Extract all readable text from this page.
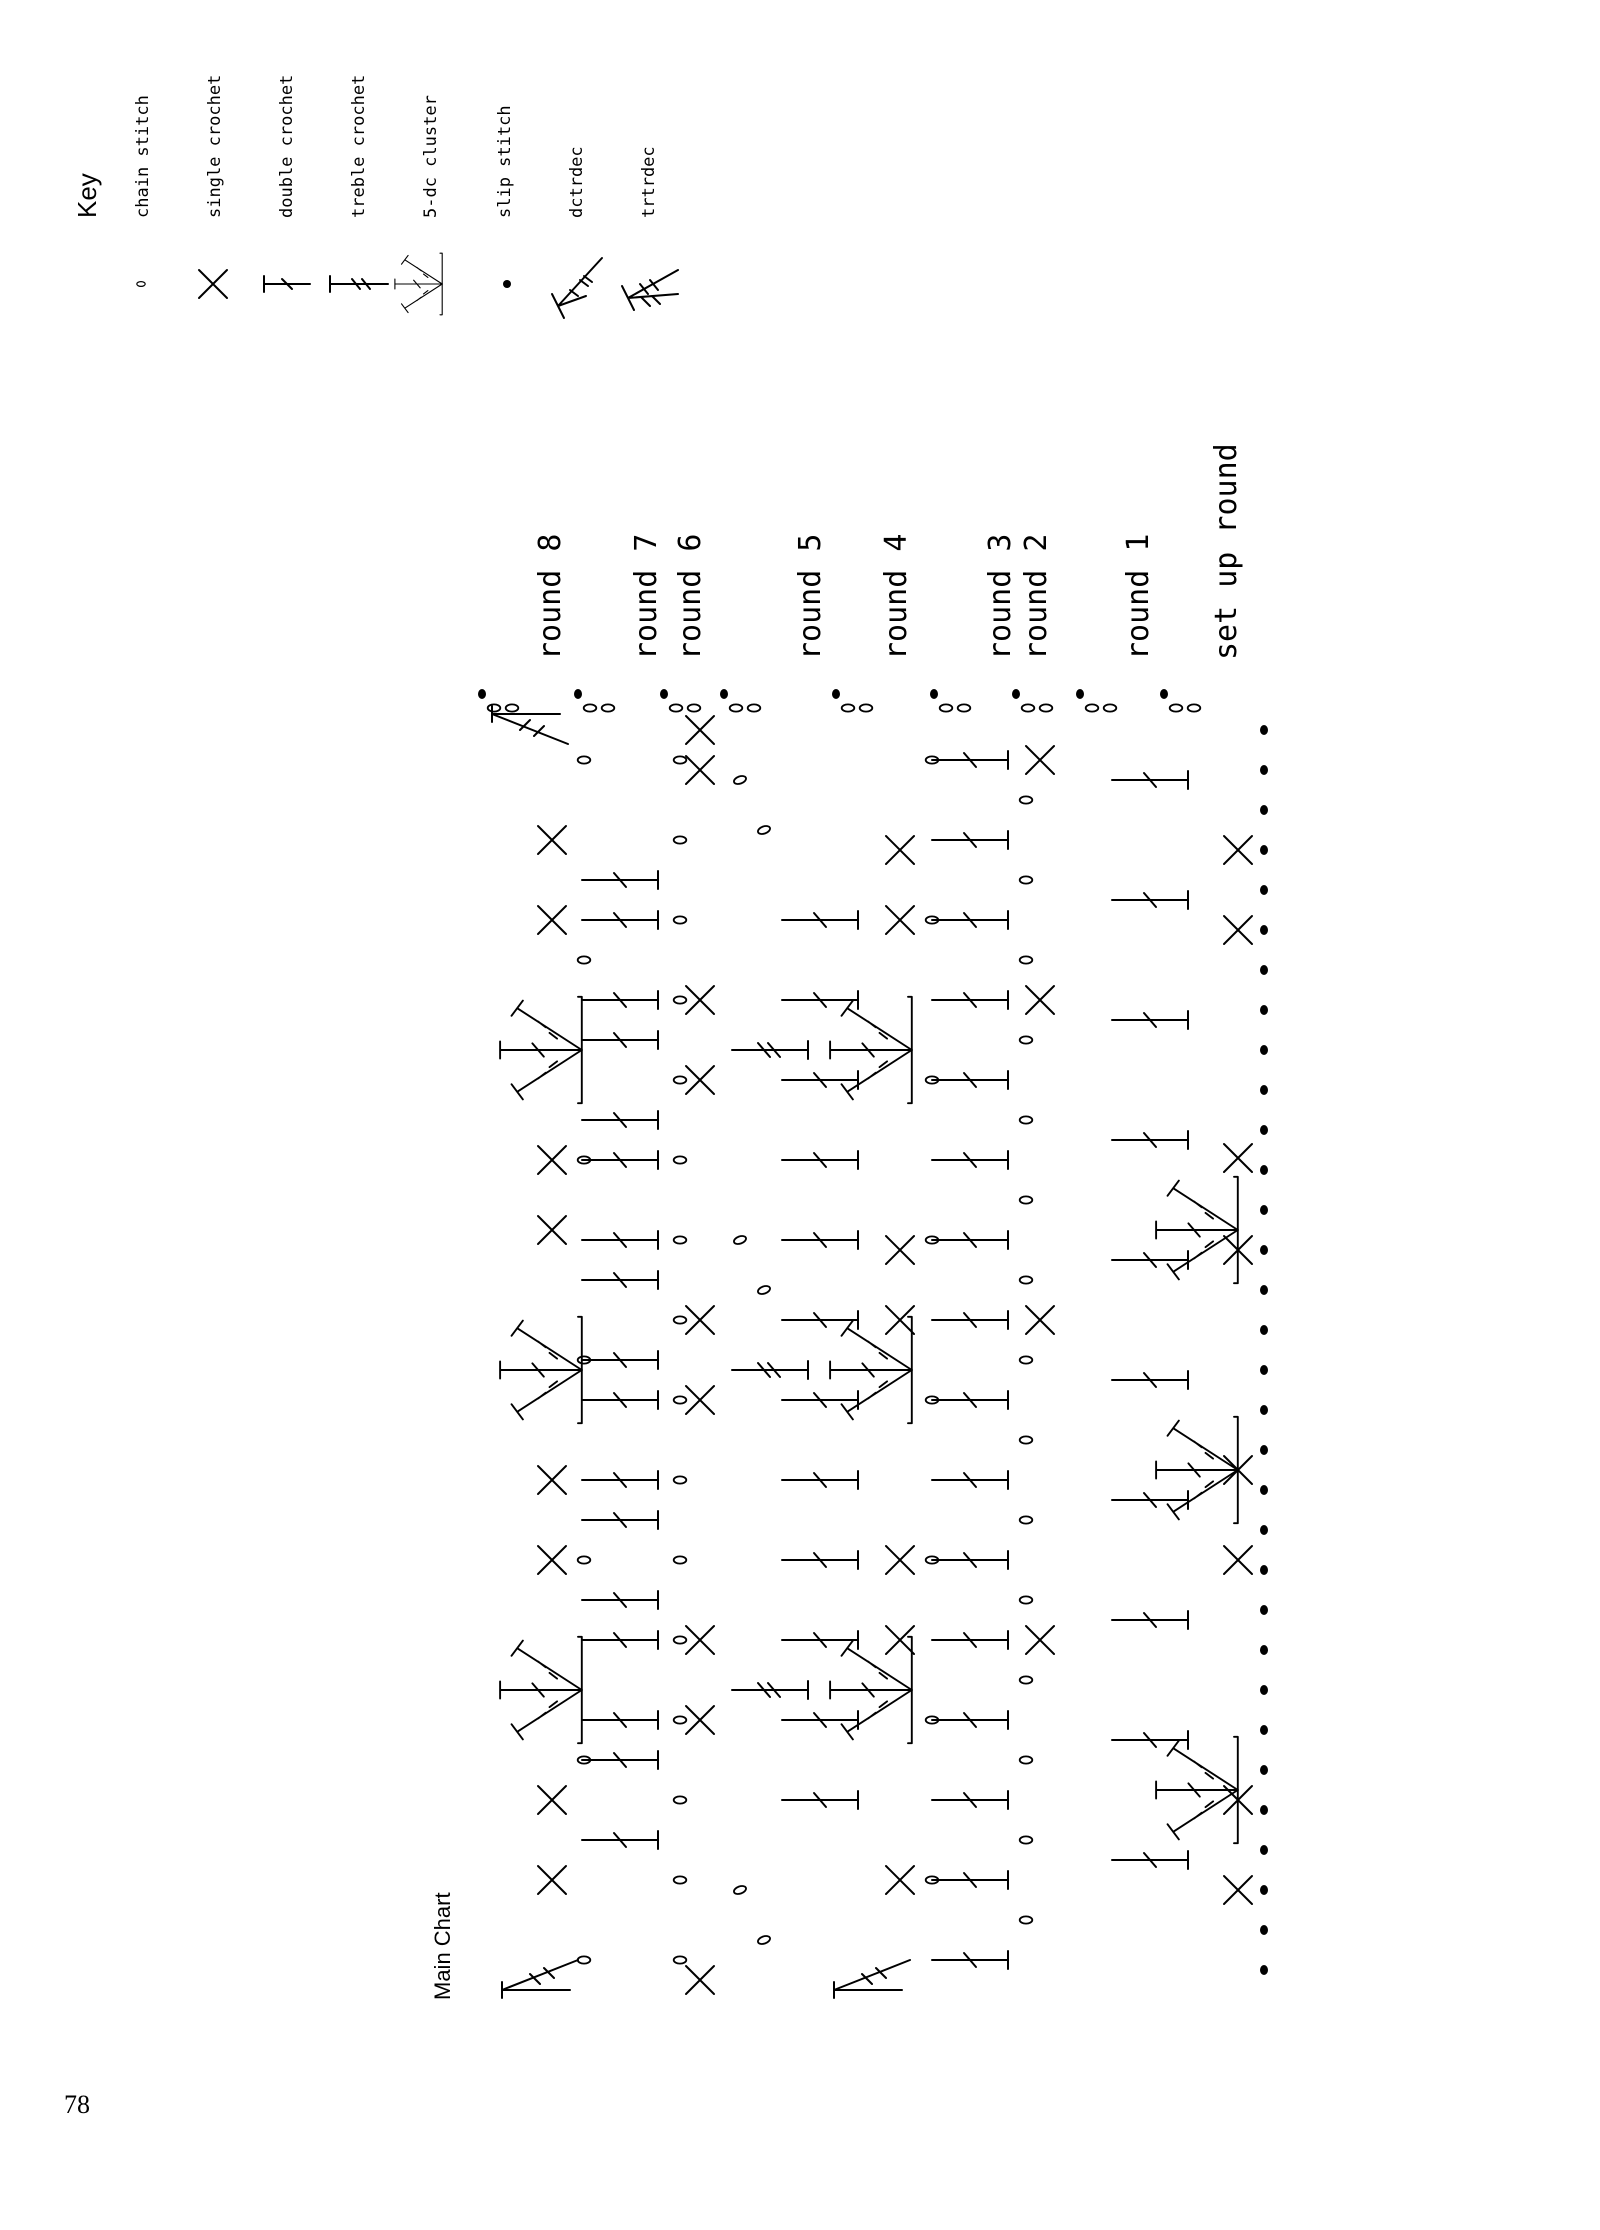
Key chain stitch	single crochet	double crochet	treble crochet	5-dc cluster	slip stitch	dctrdec	trtrdec
round 8 round 7 round 6	round 5 round 4 round 3 round 2 round 1 set up round
Main Chart
78
